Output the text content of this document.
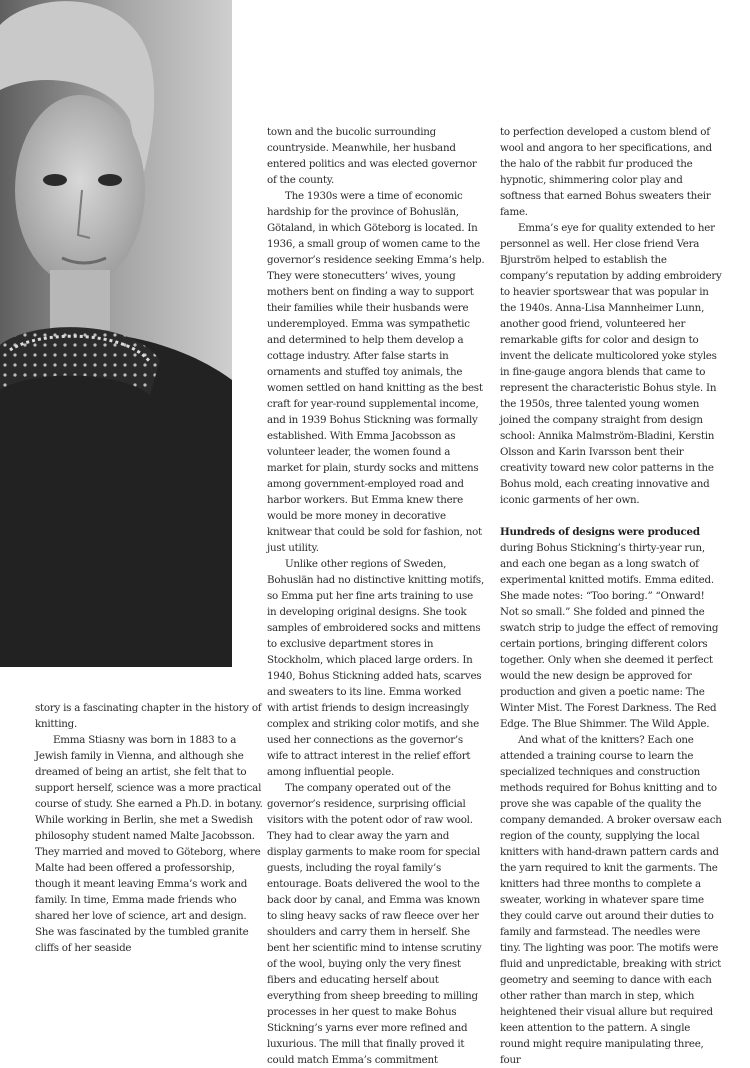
story is a fascinating chapter in the history of knitting.

Emma Stiasny was born in 1883 to a Jewish family in Vienna, and although she dreamed of being an artist, she felt that to support herself, science was a more practical course of study. She earned a Ph.D. in botany. While working in Berlin, she met a Swedish philosophy student named Malte Jacobsson. They married and moved to Göteborg, where Malte had been offered a professorship, though it meant leaving Emma’s work and family. In time, Emma made friends who shared her love of science, art and design. She was fascinated by the tumbled granite cliffs of her seaside

town and the bucolic surrounding countryside. Meanwhile, her husband entered politics and was elected governor of the county.

The 1930s were a time of economic hardship for the province of Bohuslän, Götaland, in which Göteborg is located. In 1936, a small group of women came to the governor’s residence seeking Emma’s help. They were stonecutters’ wives, young mothers bent on finding a way to support their families while their husbands were underemployed. Emma was sympathetic and determined to help them develop a cottage industry. After false starts in ornaments and stuffed toy animals, the women settled on hand knitting as the best craft for year-round supplemental income, and in 1939 Bohus Stickning was formally established. With Emma Jacobsson as volunteer leader, the women found a market for plain, sturdy socks and mittens among government-employed road and harbor workers. But Emma knew there would be more money in decorative knitwear that could be sold for fashion, not just utility.

Unlike other regions of Sweden, Bohuslän had no distinctive knitting motifs, so Emma put her fine arts training to use in developing original designs. She took samples of embroidered socks and mittens to exclusive department stores in Stockholm, which placed large orders. In 1940, Bohus Stickning added hats, scarves and sweaters to its line. Emma worked with artist friends to design increasingly complex and striking color motifs, and she used her connections as the governor’s wife to attract interest in the relief effort among influential people.

The company operated out of the governor’s residence, surprising official visitors with the potent odor of raw wool. They had to clear away the yarn and display garments to make room for special guests, including the royal family’s entourage. Boats delivered the wool to the back door by canal, and Emma was known to sling heavy sacks of raw fleece over her shoulders and carry them in herself. She bent her scientific mind to intense scrutiny of the wool, buying only the very finest fibers and educating herself about everything from sheep breeding to milling processes in her quest to make Bohus Stickning’s yarns ever more refined and luxurious. The mill that finally proved it could match Emma’s commitment

to perfection developed a custom blend of wool and angora to her specifications, and the halo of the rabbit fur produced the hypnotic, shimmering color play and softness that earned Bohus sweaters their fame.

Emma’s eye for quality extended to her personnel as well. Her close friend Vera Bjurström helped to establish the company’s reputation by adding embroidery to heavier sportswear that was popular in the 1940s. Anna-Lisa Mannheimer Lunn, another good friend, volunteered her remarkable gifts for color and design to invent the delicate multicolored yoke styles in fine-gauge angora blends that came to represent the characteristic Bohus style. In the 1950s, three talented young women joined the company straight from design school: Annika Malmström-Bladini, Kerstin Olsson and Karin Ivarsson bent their creativity toward new color patterns in the Bohus mold, each creating innovative and iconic garments of her own.

Hundreds of designs were produced during Bohus Stickning’s thirty-year run, and each one began as a long swatch of experimental knitted motifs. Emma edited. She made notes: “Too boring.” “Onward! Not so small.” She folded and pinned the swatch strip to judge the effect of removing certain portions, bringing different colors together. Only when she deemed it perfect would the new design be approved for production and given a poetic name: The Winter Mist. The Forest Darkness. The Red Edge. The Blue Shimmer. The Wild Apple.

And what of the knitters? Each one attended a training course to learn the specialized techniques and construction methods required for Bohus knitting and to prove she was capable of the quality the company demanded. A broker oversaw each region of the county, supplying the local knitters with hand-drawn pattern cards and the yarn required to knit the garments. The knitters had three months to complete a sweater, working in whatever spare time they could carve out around their duties to family and farmstead. The needles were tiny. The lighting was poor. The motifs were fluid and unpredictable, breaking with strict geometry and seeming to dance with each other rather than march in step, which heightened their visual allure but required keen attention to the pattern. A single round might require manipulating three, four
